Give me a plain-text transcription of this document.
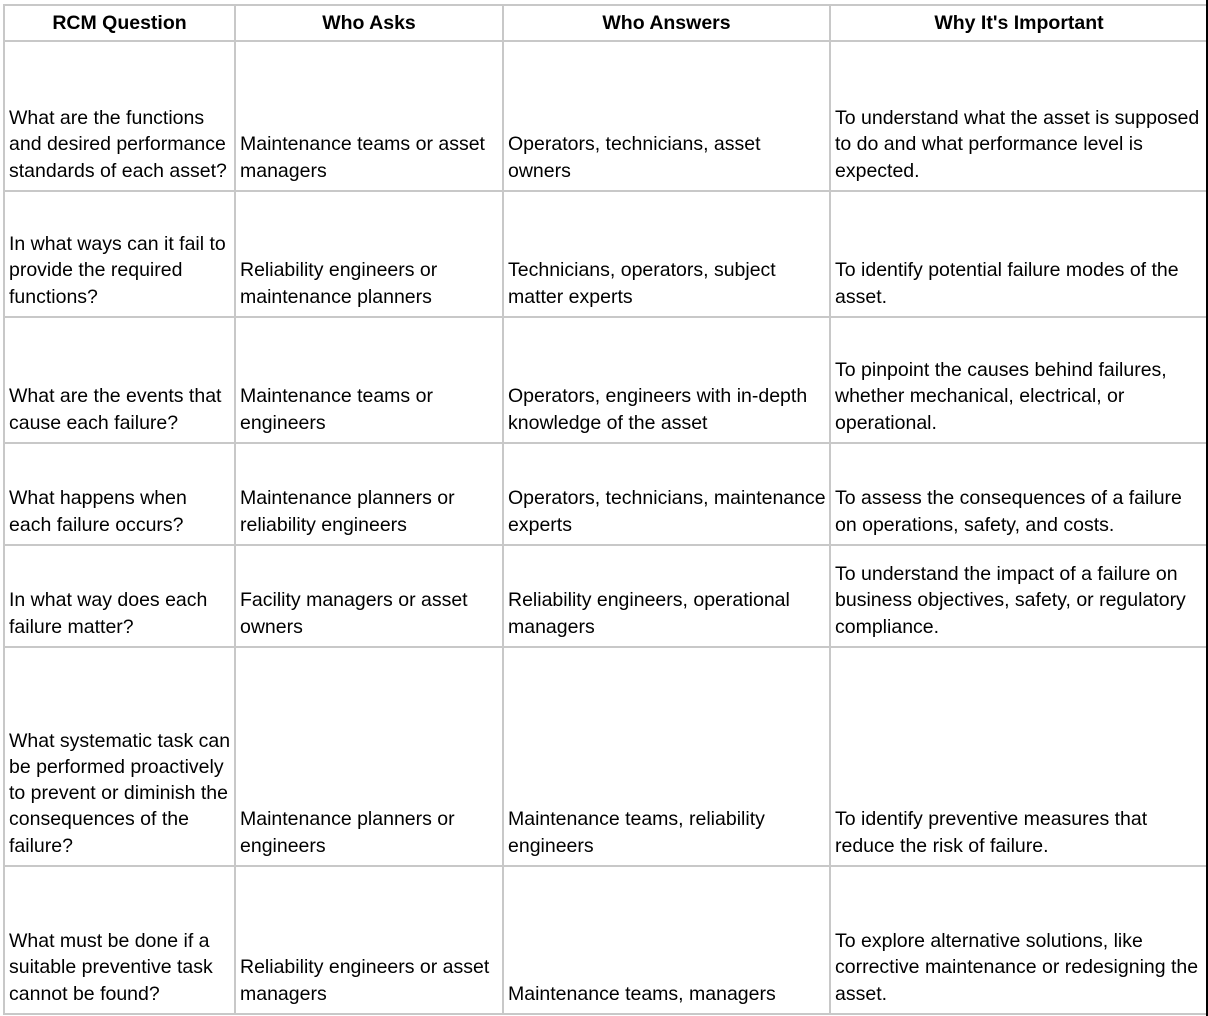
RCM Question	Who Asks	Who Answers	Why It's Important
What are the functions and desired performance standards of each asset?	Maintenance teams or asset managers	Operators, technicians, asset owners	To understand what the asset is supposed to do and what performance level is expected.
In what ways can it fail to provide the required functions?	Reliability engineers or maintenance planners	Technicians, operators, subject matter experts	To identify potential failure modes of the asset.
What are the events that cause each failure?	Maintenance teams or engineers	Operators, engineers with in-depth knowledge of the asset	To pinpoint the causes behind failures, whether mechanical, electrical, or operational.
What happens when each failure occurs?	Maintenance planners or reliability engineers	Operators, technicians, maintenance experts	To assess the consequences of a failure on operations, safety, and costs.
In what way does each failure matter?	Facility managers or asset owners	Reliability engineers, operational managers	To understand the impact of a failure on business objectives, safety, or regulatory compliance.
What systematic task can be performed proactively to prevent or diminish the consequences of the failure?	Maintenance planners or engineers	Maintenance teams, reliability engineers	To identify preventive measures that reduce the risk of failure.
What must be done if a suitable preventive task cannot be found?	Reliability engineers or asset managers	Maintenance teams, managers	To explore alternative solutions, like corrective maintenance or redesigning the asset.
